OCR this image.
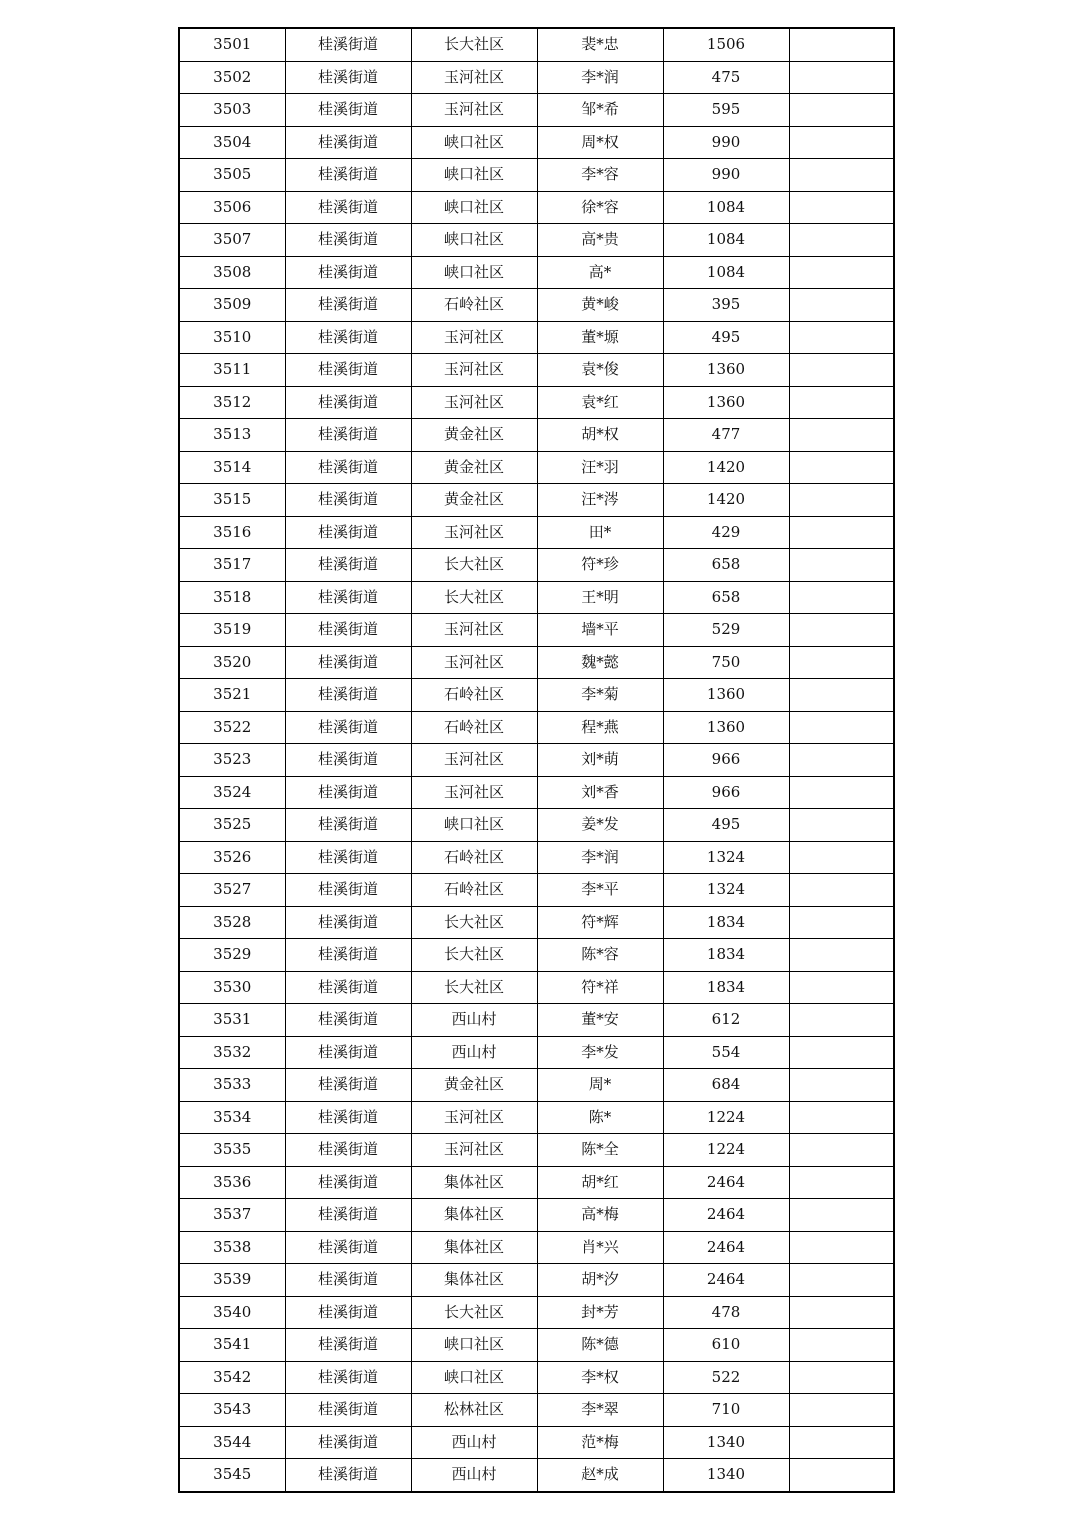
3501	桂溪街道	长大社区	裴*忠	1506	
3502	桂溪街道	玉河社区	李*润	475	
3503	桂溪街道	玉河社区	邹*希	595	
3504	桂溪街道	峡口社区	周*权	990	
3505	桂溪街道	峡口社区	李*容	990	
3506	桂溪街道	峡口社区	徐*容	1084	
3507	桂溪街道	峡口社区	高*贵	1084	
3508	桂溪街道	峡口社区	高*	1084	
3509	桂溪街道	石岭社区	黄*峻	395	
3510	桂溪街道	玉河社区	董*塬	495	
3511	桂溪街道	玉河社区	袁*俊	1360	
3512	桂溪街道	玉河社区	袁*红	1360	
3513	桂溪街道	黄金社区	胡*权	477	
3514	桂溪街道	黄金社区	汪*羽	1420	
3515	桂溪街道	黄金社区	汪*涔	1420	
3516	桂溪街道	玉河社区	田*	429	
3517	桂溪街道	长大社区	符*珍	658	
3518	桂溪街道	长大社区	王*明	658	
3519	桂溪街道	玉河社区	墙*平	529	
3520	桂溪街道	玉河社区	魏*懿	750	
3521	桂溪街道	石岭社区	李*菊	1360	
3522	桂溪街道	石岭社区	程*燕	1360	
3523	桂溪街道	玉河社区	刘*萌	966	
3524	桂溪街道	玉河社区	刘*香	966	
3525	桂溪街道	峡口社区	姜*发	495	
3526	桂溪街道	石岭社区	李*润	1324	
3527	桂溪街道	石岭社区	李*平	1324	
3528	桂溪街道	长大社区	符*辉	1834	
3529	桂溪街道	长大社区	陈*容	1834	
3530	桂溪街道	长大社区	符*祥	1834	
3531	桂溪街道	西山村	董*安	612	
3532	桂溪街道	西山村	李*发	554	
3533	桂溪街道	黄金社区	周*	684	
3534	桂溪街道	玉河社区	陈*	1224	
3535	桂溪街道	玉河社区	陈*全	1224	
3536	桂溪街道	集体社区	胡*红	2464	
3537	桂溪街道	集体社区	高*梅	2464	
3538	桂溪街道	集体社区	肖*兴	2464	
3539	桂溪街道	集体社区	胡*汐	2464	
3540	桂溪街道	长大社区	封*芳	478	
3541	桂溪街道	峡口社区	陈*德	610	
3542	桂溪街道	峡口社区	李*权	522	
3543	桂溪街道	松林社区	李*翠	710	
3544	桂溪街道	西山村	范*梅	1340	
3545	桂溪街道	西山村	赵*成	1340	
